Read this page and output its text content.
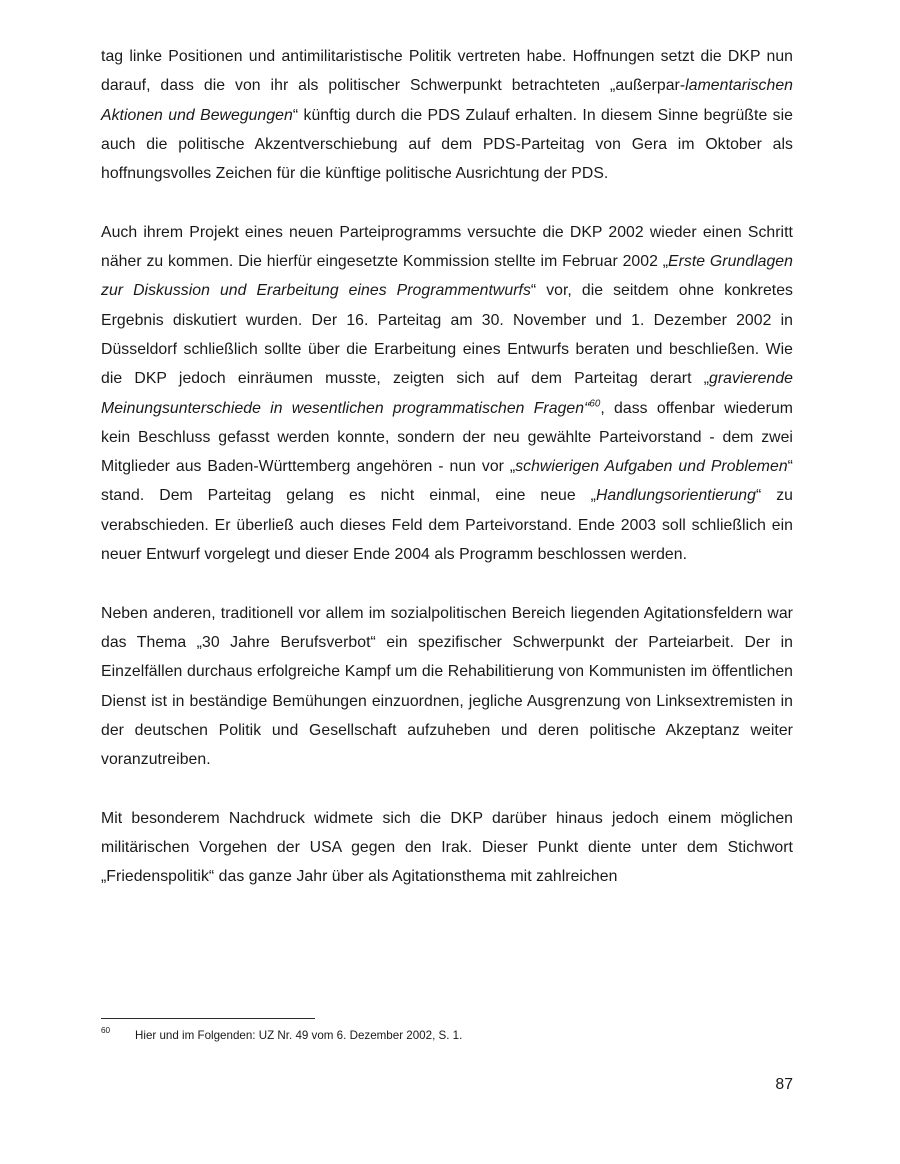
tag linke Positionen und antimilitaristische Politik vertreten habe. Hoffnungen setzt die DKP nun darauf, dass die von ihr als politischer Schwerpunkt betrachteten „außerpar-lamentarischen Aktionen und Bewegungen“ künftig durch die PDS Zulauf erhalten. In diesem Sinne begrüßte sie auch die politische Akzentverschiebung auf dem PDS-Parteitag von Gera im Oktober als hoffnungsvolles Zeichen für die künftige politische Ausrichtung der PDS.

Auch ihrem Projekt eines neuen Parteiprogramms versuchte die DKP 2002 wieder einen Schritt näher zu kommen. Die hierfür eingesetzte Kommission stellte im Februar 2002 „Erste Grundlagen zur Diskussion und Erarbeitung eines Programmentwurfs“ vor, die seitdem ohne konkretes Ergebnis diskutiert wurden. Der 16. Parteitag am 30. November und 1. Dezember 2002 in Düsseldorf schließlich sollte über die Erarbeitung eines Entwurfs beraten und beschließen. Wie die DKP jedoch einräumen musste, zeigten sich auf dem Parteitag derart „gravierende Meinungsunterschiede in wesentlichen programmatischen Fragen“$^{60}$, dass offenbar wiederum kein Beschluss gefasst werden konnte, sondern der neu gewählte Parteivorstand - dem zwei Mitglieder aus Baden-Württemberg angehören - nun vor „schwierigen Aufgaben und Problemen“ stand. Dem Parteitag gelang es nicht einmal, eine neue „Handlungsorientierung“ zu verabschieden. Er überließ auch dieses Feld dem Parteivorstand. Ende 2003 soll schließlich ein neuer Entwurf vorgelegt und dieser Ende 2004 als Programm beschlossen werden.

Neben anderen, traditionell vor allem im sozialpolitischen Bereich liegenden Agitationsfeldern war das Thema „30 Jahre Berufsverbot“ ein spezifischer Schwerpunkt der Parteiarbeit. Der in Einzelfällen durchaus erfolgreiche Kampf um die Rehabilitierung von Kommunisten im öffentlichen Dienst ist in beständige Bemühungen einzuordnen, jegliche Ausgrenzung von Linksextremisten in der deutschen Politik und Gesellschaft aufzuheben und deren politische Akzeptanz weiter voranzutreiben.

Mit besonderem Nachdruck widmete sich die DKP darüber hinaus jedoch einem möglichen militärischen Vorgehen der USA gegen den Irak. Dieser Punkt diente unter dem Stichwort „Friedenspolitik“ das ganze Jahr über als Agitationsthema mit zahlreichen

60 Hier und im Folgenden: UZ Nr. 49 vom 6. Dezember 2002, S. 1.
87
